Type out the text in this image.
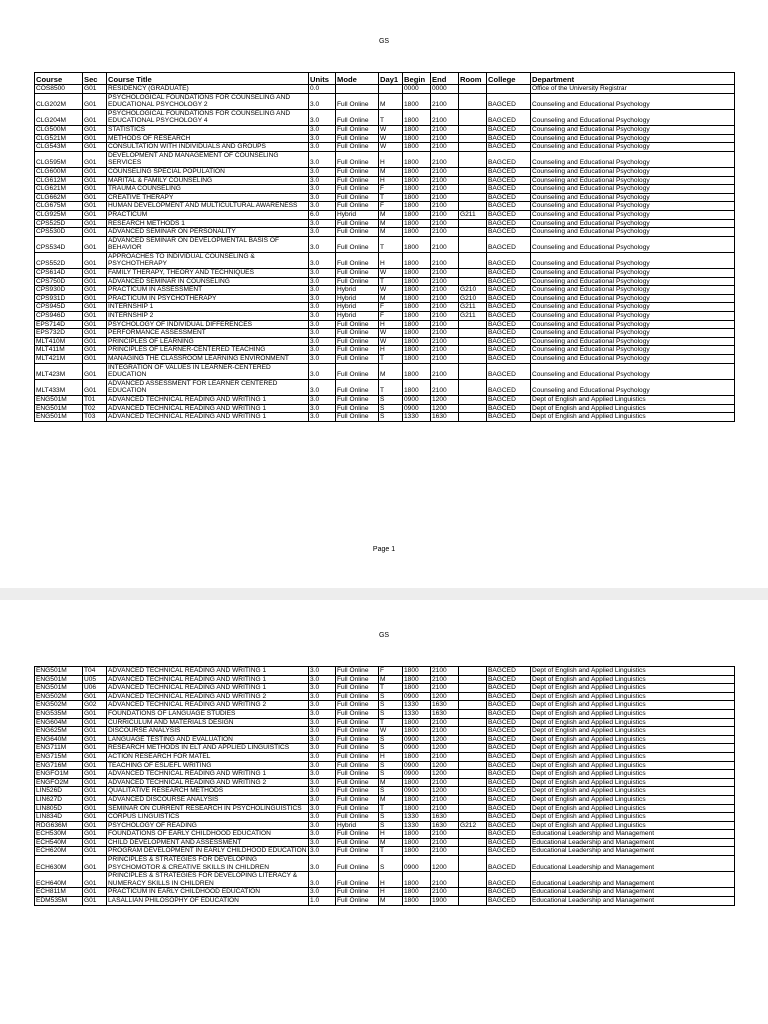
GS
Course	Sec	Course Title	Units	Mode	Day1	Begin	End	Room	College	Department
COS8500	G01	RESIDENCY (GRADUATE)	0.0			0000	0000			Office of the University Registrar
CLG202M	G01	PSYCHOLOGICAL FOUNDATIONS FOR COUNSELING AND EDUCATIONAL PSYCHOLOGY 2	3.0	Full Online	M	1800	2100		BAGCED	Counseling and Educational Psychology
CLG204M	G01	PSYCHOLOGICAL FOUNDATIONS FOR COUNSELING AND EDUCATIONAL PSYCHOLOGY 4	3.0	Full Online	T	1800	2100		BAGCED	Counseling and Educational Psychology
CLG500M	G01	STATISTICS	3.0	Full Online	W	1800	2100		BAGCED	Counseling and Educational Psychology
CLG521M	G01	METHODS OF RESEARCH	3.0	Full Online	W	1800	2100		BAGCED	Counseling and Educational Psychology
CLG543M	G01	CONSULTATION WITH INDIVIDUALS AND GROUPS	3.0	Full Online	W	1800	2100		BAGCED	Counseling and Educational Psychology
CLG595M	G01	DEVELOPMENT AND MANAGEMENT OF COUNSELING SERVICES	3.0	Full Online	H	1800	2100		BAGCED	Counseling and Educational Psychology
CLG600M	G01	COUNSELING SPECIAL POPULATION	3.0	Full Online	M	1800	2100		BAGCED	Counseling and Educational Psychology
CLG612M	G01	MARITAL & FAMILY COUNSELING	3.0	Full Online	H	1800	2100		BAGCED	Counseling and Educational Psychology
CLG621M	G01	TRAUMA COUNSELING	3.0	Full Online	F	1800	2100		BAGCED	Counseling and Educational Psychology
CLG662M	G01	CREATIVE THERAPY	3.0	Full Online	T	1800	2100		BAGCED	Counseling and Educational Psychology
CLG675M	G01	HUMAN DEVELOPMENT AND MULTICULTURAL AWARENESS	3.0	Full Online	F	1800	2100		BAGCED	Counseling and Educational Psychology
CLG925M	G01	PRACTICUM	6.0	Hybrid	M	1800	2100	G211	BAGCED	Counseling and Educational Psychology
CPS525D	G01	RESEARCH METHODS 1	3.0	Full Online	M	1800	2100		BAGCED	Counseling and Educational Psychology
CPS530D	G01	ADVANCED SEMINAR ON PERSONALITY	3.0	Full Online	M	1800	2100		BAGCED	Counseling and Educational Psychology
CPS534D	G01	ADVANCED SEMINAR ON DEVELOPMENTAL BASIS OF BEHAVIOR	3.0	Full Online	T	1800	2100		BAGCED	Counseling and Educational Psychology
CPS552D	G01	APPROACHES TO INDIVIDUAL COUNSELING & PSYCHOTHERAPY	3.0	Full Online	H	1800	2100		BAGCED	Counseling and Educational Psychology
CPS614D	G01	FAMILY THERAPY, THEORY AND TECHNIQUES	3.0	Full Online	W	1800	2100		BAGCED	Counseling and Educational Psychology
CPS750D	G01	ADVANCED SEMINAR IN COUNSELING	3.0	Full Online	T	1800	2100		BAGCED	Counseling and Educational Psychology
CPS930D	G01	PRACTICUM IN ASSESSMENT	3.0	Hybrid	W	1800	2100	G210	BAGCED	Counseling and Educational Psychology
CPS931D	G01	PRACTICUM IN PSYCHOTHERAPY	3.0	Hybrid	M	1800	2100	G210	BAGCED	Counseling and Educational Psychology
CPS945D	G01	INTERNSHIP 1	3.0	Hybrid	F	1800	2100	G211	BAGCED	Counseling and Educational Psychology
CPS946D	G01	INTERNSHIP 2	3.0	Hybrid	F	1800	2100	G211	BAGCED	Counseling and Educational Psychology
EPS714D	G01	PSYCHOLOGY OF INDIVIDUAL DIFFERENCES	3.0	Full Online	H	1800	2100		BAGCED	Counseling and Educational Psychology
EPS732D	G01	PERFORMANCE ASSESSMENT	3.0	Full Online	W	1800	2100		BAGCED	Counseling and Educational Psychology
MLT410M	G01	PRINCIPLES OF LEARNING	3.0	Full Online	W	1800	2100		BAGCED	Counseling and Educational Psychology
MLT411M	G01	PRINCIPLES OF LEARNER-CENTERED TEACHING	3.0	Full Online	H	1800	2100		BAGCED	Counseling and Educational Psychology
MLT421M	G01	MANAGING THE CLASSROOM LEARNING ENVIRONMENT	3.0	Full Online	T	1800	2100		BAGCED	Counseling and Educational Psychology
MLT423M	G01	INTEGRATION OF VALUES IN LEARNER-CENTERED EDUCATION	3.0	Full Online	M	1800	2100		BAGCED	Counseling and Educational Psychology
MLT433M	G01	ADVANCED ASSESSMENT FOR LEARNER CENTERED EDUCATION	3.0	Full Online	T	1800	2100		BAGCED	Counseling and Educational Psychology
ENG501M	T01	ADVANCED TECHNICAL READING AND WRITING 1	3.0	Full Online	S	0900	1200		BAGCED	Dept of English and Applied Linguistics
ENG501M	T02	ADVANCED TECHNICAL READING AND WRITING 1	3.0	Full Online	S	0900	1200		BAGCED	Dept of English and Applied Linguistics
ENG501M	T03	ADVANCED TECHNICAL READING AND WRITING 1	3.0	Full Online	S	1330	1630		BAGCED	Dept of English and Applied Linguistics
Page 1
GS
ENG501M	T04	ADVANCED TECHNICAL READING AND WRITING 1	3.0	Full Online	F	1800	2100		BAGCED	Dept of English and Applied Linguistics
ENG501M	U05	ADVANCED TECHNICAL READING AND WRITING 1	3.0	Full Online	M	1800	2100		BAGCED	Dept of English and Applied Linguistics
ENG501M	U06	ADVANCED TECHNICAL READING AND WRITING 1	3.0	Full Online	T	1800	2100		BAGCED	Dept of English and Applied Linguistics
ENG502M	G01	ADVANCED TECHNICAL READING AND WRITING 2	3.0	Full Online	S	0900	1200		BAGCED	Dept of English and Applied Linguistics
ENG502M	G02	ADVANCED TECHNICAL READING AND WRITING 2	3.0	Full Online	S	1330	1630		BAGCED	Dept of English and Applied Linguistics
ENG535M	G01	FOUNDATIONS OF LANGUAGE STUDIES	3.0	Full Online	S	1330	1630		BAGCED	Dept of English and Applied Linguistics
ENG604M	G01	CURRICULUM AND MATERIALS DESIGN	3.0	Full Online	T	1800	2100		BAGCED	Dept of English and Applied Linguistics
ENG625M	G01	DISCOURSE ANALYSIS	3.0	Full Online	W	1800	2100		BAGCED	Dept of English and Applied Linguistics
ENG640M	G01	LANGUAGE TESTING AND EVALUATION	3.0	Full Online	S	0900	1200		BAGCED	Dept of English and Applied Linguistics
ENG711M	G01	RESEARCH METHODS IN ELT AND APPLIED LINGUISTICS	3.0	Full Online	S	0900	1200		BAGCED	Dept of English and Applied Linguistics
ENG715M	G01	ACTION RESEARCH FOR MATEL	3.0	Full Online	H	1800	2100		BAGCED	Dept of English and Applied Linguistics
ENG716M	G01	TEACHING OF ESL/EFL WRITING	3.0	Full Online	S	0900	1200		BAGCED	Dept of English and Applied Linguistics
ENGFO1M	G01	ADVANCED TECHNICAL READING AND WRITING 1	3.0	Full Online	S	0900	1200		BAGCED	Dept of English and Applied Linguistics
ENGFO2M	G01	ADVANCED TECHNICAL READING AND WRITING 2	3.0	Full Online	M	1800	2100		BAGCED	Dept of English and Applied Linguistics
LIN526D	G01	QUALITATIVE RESEARCH METHODS	3.0	Full Online	S	0900	1200		BAGCED	Dept of English and Applied Linguistics
LIN627D	G01	ADVANCED DISCOURSE ANALYSIS	3.0	Full Online	M	1800	2100		BAGCED	Dept of English and Applied Linguistics
LIN805D	G01	SEMINAR ON CURRENT RESEARCH IN PSYCHOLINGUISTICS	3.0	Full Online	T	1800	2100		BAGCED	Dept of English and Applied Linguistics
LIN834D	G01	CORPUS LINGUISTICS	3.0	Full Online	S	1330	1630		BAGCED	Dept of English and Applied Linguistics
RDG636M	G01	PSYCHOLOGY OF READING	3.0	Hybrid	S	1330	1630	G212	BAGCED	Dept of English and Applied Linguistics
ECH530M	G01	FOUNDATIONS OF EARLY CHILDHOOD EDUCATION	3.0	Full Online	H	1800	2100		BAGCED	Educational Leadership and Management
ECH540M	G01	CHILD DEVELOPMENT AND ASSESSMENT	3.0	Full Online	M	1800	2100		BAGCED	Educational Leadership and Management
ECH620M	G01	PROGRAM DEVELOPMENT IN EARLY CHILDHOOD EDUCATION	3.0	Full Online	T	1800	2100		BAGCED	Educational Leadership and Management
ECH630M	G01	PRINCIPLES & STRATEGIES FOR DEVELOPING PSYCHOMOTOR & CREATIVE SKILLS IN CHILDREN	3.0	Full Online	S	0900	1200		BAGCED	Educational Leadership and Management
ECH640M	G01	PRINCIPLES & STRATEGIES FOR DEVELOPING LITERACY & NUMERACY SKILLS IN CHILDREN	3.0	Full Online	H	1800	2100		BAGCED	Educational Leadership and Management
ECH811M	G01	PRACTICUM IN EARLY CHILDHOOD EDUCATION	3.0	Full Online	H	1800	2100		BAGCED	Educational Leadership and Management
EDM535M	G01	LASALLIAN PHILOSOPHY OF EDUCATION	1.0	Full Online	M	1800	1900		BAGCED	Educational Leadership and Management
